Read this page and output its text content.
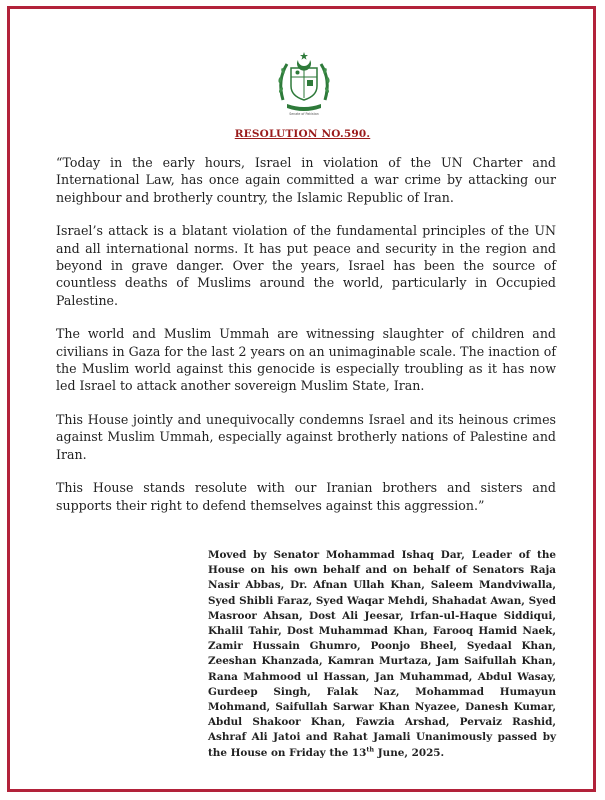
Senate of Pakistan
RESOLUTION NO.590.

“Today in the early hours, Israel in violation of the UN Charter and International Law, has once again committed a war crime by attacking our neighbour and brotherly country, the Islamic Republic of Iran.

Israel’s attack is a blatant violation of the fundamental principles of the UN and all international norms. It has put peace and security in the region and beyond in grave danger. Over the years, Israel has been the source of countless deaths of Muslims around the world, particularly in Occupied Palestine.

The world and Muslim Ummah are witnessing slaughter of children and civilians in Gaza for the last 2 years on an unimaginable scale. The inaction of the Muslim world against this genocide is especially troubling as it has now led Israel to attack another sovereign Muslim State, Iran.

This House jointly and unequivocally condemns Israel and its heinous crimes against Muslim Ummah, especially against brotherly nations of Palestine and Iran.

This House stands resolute with our Iranian brothers and sisters and supports their right to defend themselves against this aggression.”

Moved by Senator Mohammad Ishaq Dar, Leader of the House on his own behalf and on behalf of Senators Raja Nasir Abbas, Dr. Afnan Ullah Khan, Saleem Mandviwalla, Syed Shibli Faraz, Syed Waqar Mehdi, Shahadat Awan, Syed Masroor Ahsan, Dost Ali Jeesar, Irfan-ul-Haque Siddiqui, Khalil Tahir, Dost Muhammad Khan, Farooq Hamid Naek, Zamir Hussain Ghumro, Poonjo Bheel, Syedaal Khan, Zeeshan Khanzada, Kamran Murtaza, Jam Saifullah Khan, Rana Mahmood ul Hassan, Jan Muhammad, Abdul Wasay, Gurdeep Singh, Falak Naz, Mohammad Humayun Mohmand, Saifullah Sarwar Khan Nyazee, Danesh Kumar, Abdul Shakoor Khan, Fawzia Arshad, Pervaiz Rashid, Ashraf Ali Jatoi and Rahat Jamali Unanimously passed by the House on Friday the 13th June, 2025.
